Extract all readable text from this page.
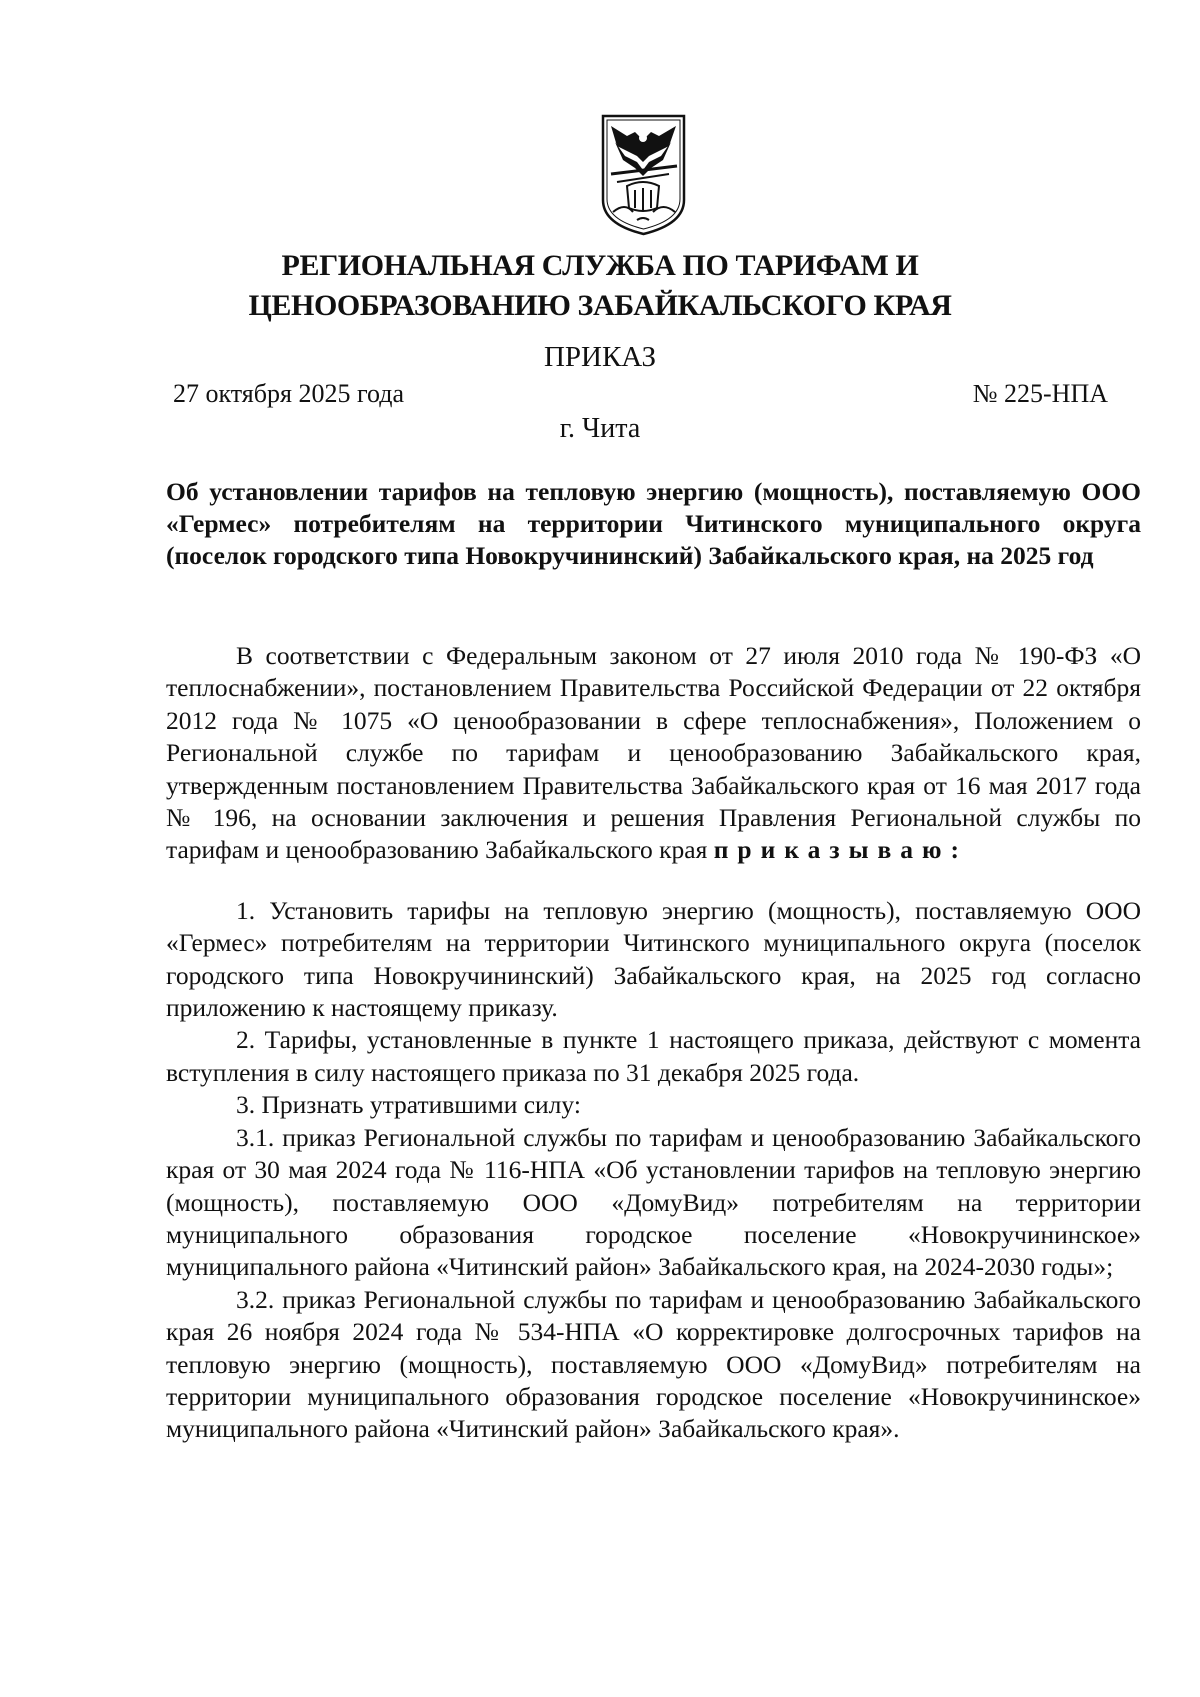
РЕГИОНАЛЬНАЯ СЛУЖБА ПО ТАРИФАМ И
ЦЕНООБРАЗОВАНИЮ ЗАБАЙКАЛЬСКОГО КРАЯ
ПРИКАЗ
27 октября 2025 года	№ 225-НПА
г. Чита
Об установлении тарифов на тепловую энергию (мощность), поставляемую ООО «Гермес» потребителям на территории Читинского муниципального округа (поселок городского типа Новокручининский) Забайкальского края, на 2025 год

В соответствии с Федеральным законом от 27 июля 2010 года № 190-ФЗ «О теплоснабжении», постановлением Правительства Российской Федерации от 22 октября 2012 года № 1075 «О ценообразовании в сфере теплоснабжения», Положением о Региональной службе по тарифам и ценообразованию Забайкальского края, утвержденным постановлением Правительства Забайкальского края от 16 мая 2017 года № 196, на основании заключения и решения Правления Региональной службы по тарифам и ценообразованию Забайкальского края приказываю:

1. Установить тарифы на тепловую энергию (мощность), поставляемую ООО «Гермес» потребителям на территории Читинского муниципального округа (поселок городского типа Новокручининский) Забайкальского края, на 2025 год согласно приложению к настоящему приказу.

2. Тарифы, установленные в пункте 1 настоящего приказа, действуют с момента вступления в силу настоящего приказа по 31 декабря 2025 года.

3. Признать утратившими силу:

3.1. приказ Региональной службы по тарифам и ценообразованию Забайкальского края от 30 мая 2024 года № 116-НПА «Об установлении тарифов на тепловую энергию (мощность), поставляемую ООО «ДомуВид» потребителям на территории муниципального образования городское поселение «Новокручининское» муниципального района «Читинский район» Забайкальского края, на 2024-2030 годы»;

3.2. приказ Региональной службы по тарифам и ценообразованию Забайкальского края 26 ноября 2024 года № 534-НПА «О корректировке долгосрочных тарифов на тепловую энергию (мощность), поставляемую ООО «ДомуВид» потребителям на территории муниципального образования городское поселение «Новокручининское» муниципального района «Читинский район» Забайкальского края».
